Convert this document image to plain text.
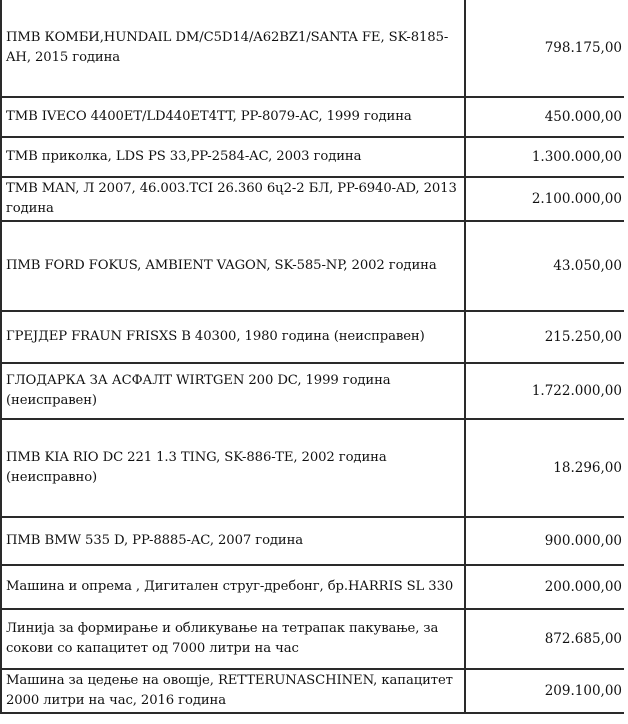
ПМВ КОМБИ,HUNDAIL DM/C5D14/A62BZ1/SANTA FE, SK-8185-AH, 2015 година	798.175,00
ТМВ IVECO 4400ET/LD440ET4TT, PP-8079-AC, 1999 година	450.000,00
ТМВ приколка, LDS PS 33,PP-2584-AC, 2003 година	1.300.000,00
ТМВ MAN, Л 2007, 46.003.TCI 26.360 6ų2-2 БЛ, PP-6940-AD, 2013 година	2.100.000,00
ПМВ FORD FOKUS, AMBIENT VAGON, SK-585-NP, 2002 година	43.050,00
ГРЕЈДЕР FRAUN FRISXS B 40300, 1980 година (неисправен)	215.250,00
ГЛОДАРКА ЗА АСФАЛТ WIRTGEN 200 DC, 1999 година (неисправен)	1.722.000,00
ПМВ KIA RIO DC 221 1.3 TING, SK-886-TE, 2002 година (неисправно)	18.296,00
ПМВ BMW 535 D, PP-8885-AC, 2007 година	900.000,00
Машина и опрема , Дигитален струг-дребонг, бр.HARRIS SL 330	200.000,00
Линија за формирање и обликување на тетрапак пакување, за сокови со капацитет од 7000 литри на час	872.685,00
Машина за цедење на овошје, RETTERUNASCHINEN, капацитет 2000 литри на час, 2016 година	209.100,00
